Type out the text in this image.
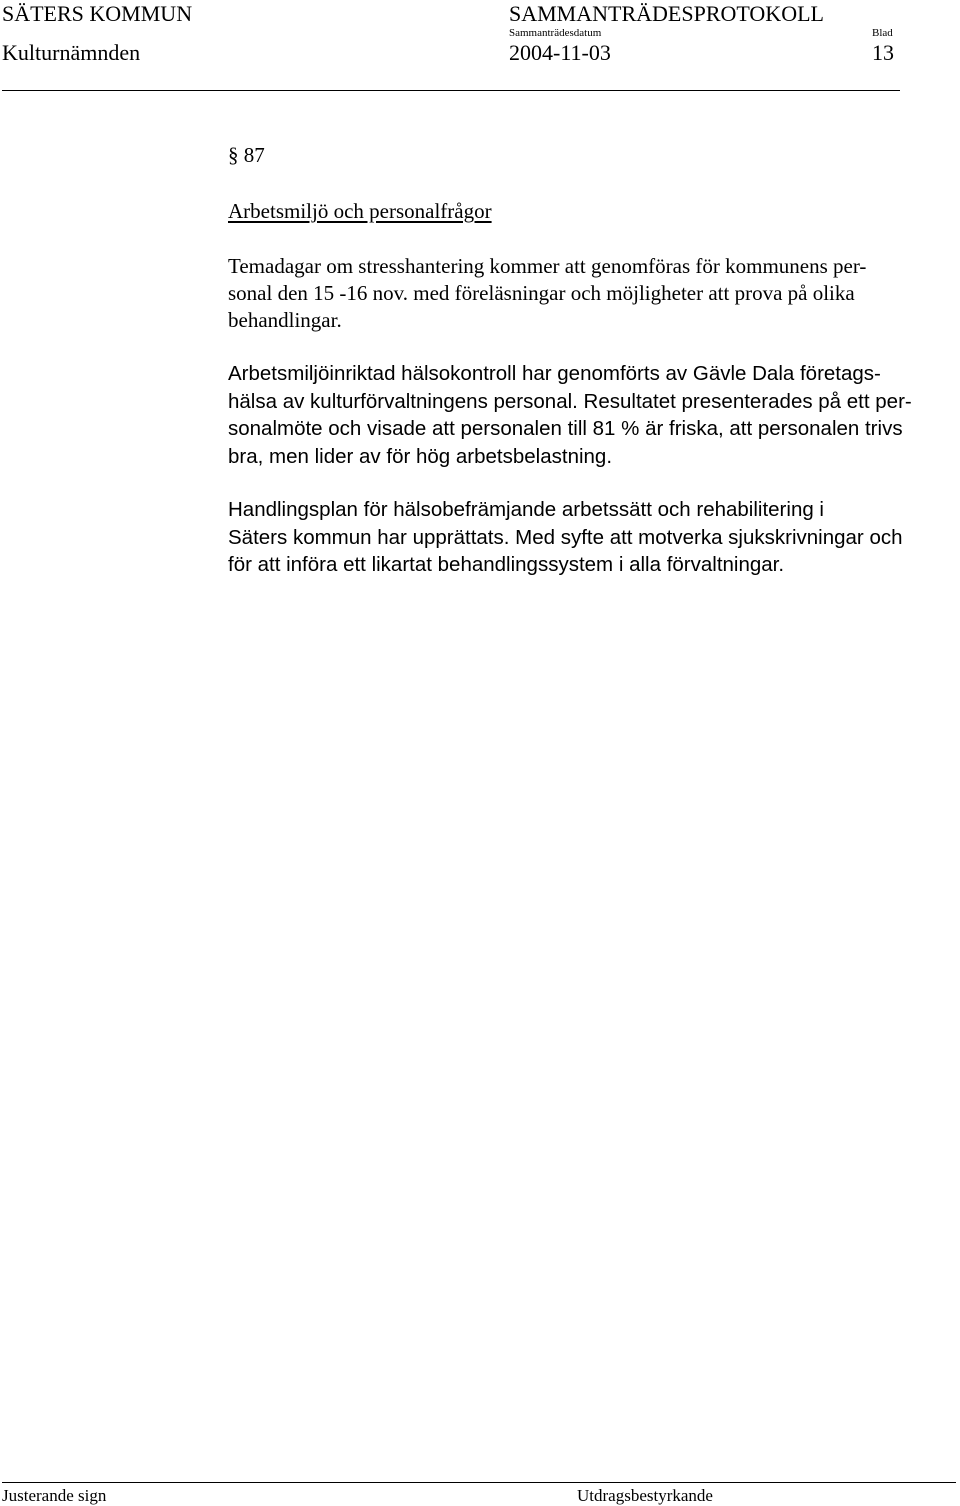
SÄTERS KOMMUN	SAMMANTRÄDESPROTOKOLL
Sammanträdesdatum	Blad
Kulturnämnden	2004-11-03	13
§ 87
Arbetsmiljö och personalfrågor
Temadagar om stresshantering kommer att genomföras för kommunens per-
sonal den 15 -16 nov. med föreläsningar och möjligheter att prova på olika
behandlingar.
Arbetsmiljöinriktad hälsokontroll har genomförts av Gävle Dala företags-
hälsa av kulturförvaltningens personal. Resultatet presenterades på ett per-
sonalmöte och visade att personalen till 81 % är friska, att personalen trivs
bra, men lider av för hög arbetsbelastning.
Handlingsplan för hälsobefrämjande arbetssätt och rehabilitering i
Säters kommun har upprättats. Med syfte att motverka sjukskrivningar och
för att införa ett likartat behandlingssystem i alla förvaltningar.
Justerande sign	Utdragsbestyrkande
